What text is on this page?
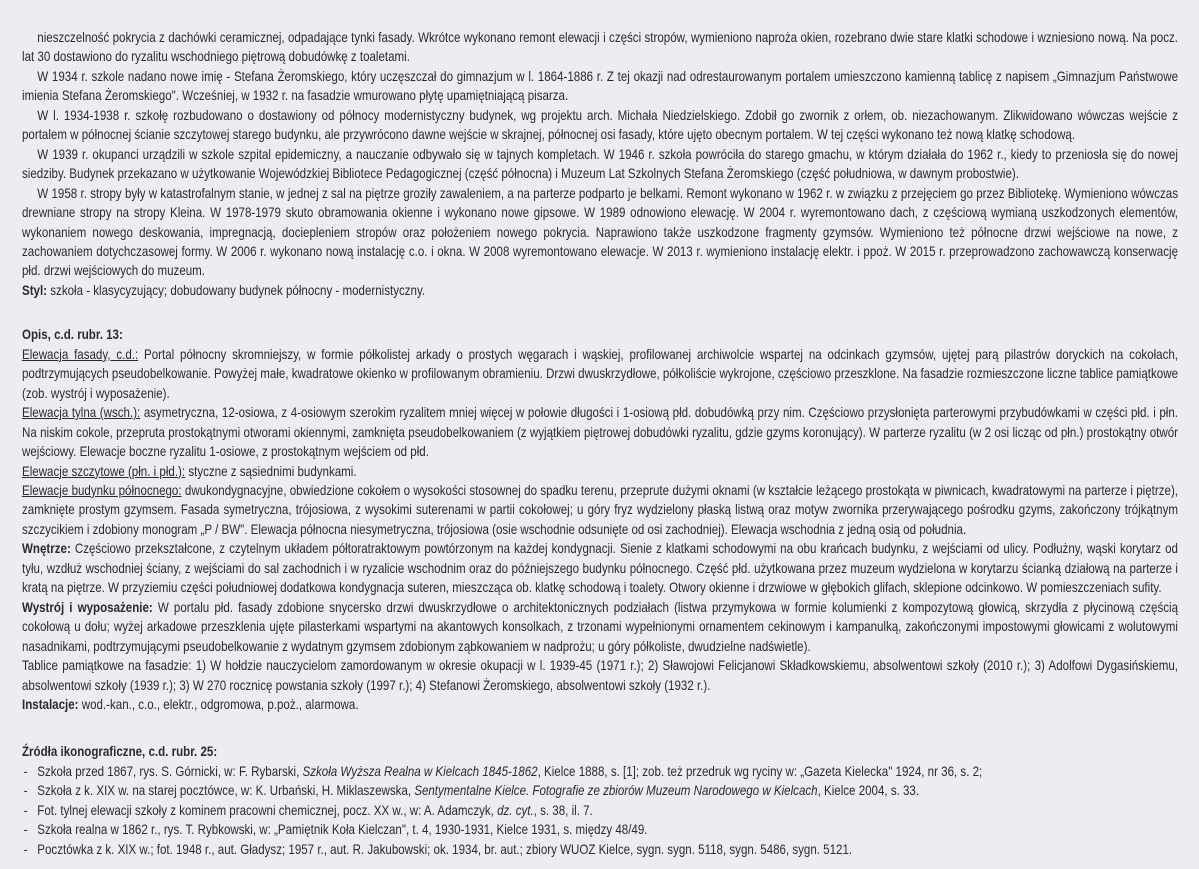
nieszczelność pokrycia z dachówki ceramicznej, odpadające tynki fasady. Wkrótce wykonano remont elewacji i części stropów, wymieniono naproża okien, rozebrano dwie stare klatki schodowe i wzniesiono nową. Na pocz. lat 30 dostawiono do ryzalitu wschodniego piętrową dobudówkę z toaletami.

W 1934 r. szkole nadano nowe imię - Stefana Żeromskiego, który uczęszczał do gimnazjum w l. 1864-1886 r. Z tej okazji nad odrestaurowanym portalem umieszczono kamienną tablicę z napisem „Gimnazjum Państwowe imienia Stefana Żeromskiego". Wcześniej, w 1932 r. na fasadzie wmurowano płytę upamiętniającą pisarza.

W l. 1934-1938 r. szkołę rozbudowano o dostawiony od północy modernistyczny budynek, wg projektu arch. Michała Niedzielskiego. Zdobił go zwornik z orłem, ob. niezachowanym. Zlikwidowano wówczas wejście z portalem w północnej ścianie szczytowej starego budynku, ale przywrócono dawne wejście w skrajnej, północnej osi fasady, które ujęto obecnym portalem. W tej części wykonano też nową klatkę schodową.

W 1939 r. okupanci urządzili w szkole szpital epidemiczny, a nauczanie odbywało się w tajnych kompletach. W 1946 r. szkoła powróciła do starego gmachu, w którym działała do 1962 r., kiedy to przeniosła się do nowej siedziby. Budynek przekazano w użytkowanie Wojewódzkiej Bibliotece Pedagogicznej (część północna) i Muzeum Lat Szkolnych Stefana Żeromskiego (część południowa, w dawnym probostwie).

W 1958 r. stropy były w katastrofalnym stanie, w jednej z sal na piętrze groziły zawaleniem, a na parterze podparto je belkami. Remont wykonano w 1962 r. w związku z przejęciem go przez Bibliotekę. Wymieniono wówczas drewniane stropy na stropy Kleina. W 1978-1979 skuto obramowania okienne i wykonano nowe gipsowe. W 1989 odnowiono elewację. W 2004 r. wyremontowano dach, z częściową wymianą uszkodzonych elementów, wykonaniem nowego deskowania, impregnacją, dociepleniem stropów oraz położeniem nowego pokrycia. Naprawiono także uszkodzone fragmenty gzymsów. Wymieniono też północne drzwi wejściowe na nowe, z zachowaniem dotychczasowej formy. W 2006 r. wykonano nową instalację c.o. i okna. W 2008 wyremontowano elewacje. W 2013 r. wymieniono instalację elektr. i ppoż. W 2015 r. przeprowadzono zachowawczą konserwację płd. drzwi wejściowych do muzeum.

Styl: szkoła - klasycyzujący; dobudowany budynek północny - modernistyczny.

Opis, c.d. rubr. 13:

Elewacja fasady, c.d.: Portal północny skromniejszy, w formie półkolistej arkady o prostych węgarach i wąskiej, profilowanej archiwolcie wspartej na odcinkach gzymsów, ujętej parą pilastrów doryckich na cokołach, podtrzymujących pseudobelkowanie. Powyżej małe, kwadratowe okienko w profilowanym obramieniu. Drzwi dwuskrzydłowe, półkoliście wykrojone, częściowo przeszklone. Na fasadzie rozmieszczone liczne tablice pamiątkowe (zob. wystrój i wyposażenie).

Elewacja tylna (wsch.): asymetryczna, 12-osiowa, z 4-osiowym szerokim ryzalitem mniej więcej w połowie długości i 1-osiową płd. dobudówką przy nim. Częściowo przysłonięta parterowymi przybudówkami w części płd. i płn. Na niskim cokole, przepruta prostokątnymi otworami okiennymi, zamknięta pseudobelkowaniem (z wyjątkiem piętrowej dobudówki ryzalitu, gdzie gzyms koronujący). W parterze ryzalitu (w 2 osi licząc od płn.) prostokątny otwór wejściowy. Elewacje boczne ryzalitu 1-osiowe, z prostokątnym wejściem od płd.

Elewacje szczytowe (płn. i płd.): styczne z sąsiednimi budynkami.

Elewacje budynku północnego: dwukondygnacyjne, obwiedzione cokołem o wysokości stosownej do spadku terenu, przeprute dużymi oknami (w kształcie leżącego prostokąta w piwnicach, kwadratowymi na parterze i piętrze), zamknięte prostym gzymsem. Fasada symetryczna, trójosiowa, z wysokimi suterenami w partii cokołowej; u góry fryz wydzielony płaską listwą oraz motyw zwornika przerywającego pośrodku gzyms, zakończony trójkątnym szczycikiem i zdobiony monogram „P / BW". Elewacja północna niesymetryczna, trójosiowa (osie wschodnie odsunięte od osi zachodniej). Elewacja wschodnia z jedną osią od południa.

Wnętrze: Częściowo przekształcone, z czytelnym układem półtoratraktowym powtórzonym na każdej kondygnacji. Sienie z klatkami schodowymi na obu krańcach budynku, z wejściami od ulicy. Podłużny, wąski korytarz od tyłu, wzdłuż wschodniej ściany, z wejściami do sal zachodnich i w ryzalicie wschodnim oraz do późniejszego budynku północnego. Część płd. użytkowana przez muzeum wydzielona w korytarzu ścianką działową na parterze i kratą na piętrze. W przyziemiu części południowej dodatkowa kondygnacja suteren, mieszcząca ob. klatkę schodową i toalety. Otwory okienne i drzwiowe w głębokich glifach, sklepione odcinkowo. W pomieszczeniach sufity.

Wystrój i wyposażenie: W portalu płd. fasady zdobione snycersko drzwi dwuskrzydłowe o architektonicznych podziałach (listwa przymykowa w formie kolumienki z kompozytową głowicą, skrzydła z płycinową częścią cokołową u dołu; wyżej arkadowe przeszklenia ujęte pilasterkami wspartymi na akantowych konsolkach, z trzonami wypełnionymi ornamentem cekinowym i kampanulką, zakończonymi impostowymi głowicami z wolutowymi nasadnikami, podtrzymującymi pseudobelkowanie z wydatnym gzymsem zdobionym ząbkowaniem w nadprożu; u góry półkoliste, dwudzielne nadświetle).

Tablice pamiątkowe na fasadzie: 1) W hołdzie nauczycielom zamordowanym w okresie okupacji w l. 1939-45 (1971 r.); 2) Sławojowi Felicjanowi Składkowskiemu, absolwentowi szkoły (2010 r.); 3) Adolfowi Dygasińskiemu, absolwentowi szkoły (1939 r.); 3) W 270 rocznicę powstania szkoły (1997 r.); 4) Stefanowi Żeromskiego, absolwentowi szkoły (1932 r.).

Instalacje: wod.-kan., c.o., elektr., odgromowa, p.poż., alarmowa.

Źródła ikonograficzne, c.d. rubr. 25:

- Szkoła przed 1867, rys. S. Górnicki, w: F. Rybarski, Szkoła Wyższa Realna w Kielcach 1845-1862, Kielce 1888, s. [1]; zob. też przedruk wg ryciny w: „Gazeta Kielecka" 1924, nr 36, s. 2;
- Szkoła z k. XIX w. na starej pocztówce, w: K. Urbański, H. Miklaszewska, Sentymentalne Kielce. Fotografie ze zbiorów Muzeum Narodowego w Kielcach, Kielce 2004, s. 33.
- Fot. tylnej elewacji szkoły z kominem pracowni chemicznej, pocz. XX w., w: A. Adamczyk, dz. cyt., s. 38, il. 7.
- Szkoła realna w 1862 r., rys. T. Rybkowski, w: „Pamiętnik Koła Kielczan", t. 4, 1930-1931, Kielce 1931, s. między 48/49.
- Pocztówka z k. XIX w.; fot. 1948 r., aut. Gładysz; 1957 r., aut. R. Jakubowski; ok. 1934, br. aut.; zbiory WUOZ Kielce, sygn. sygn. 5118, sygn. 5486, sygn. 5121.
